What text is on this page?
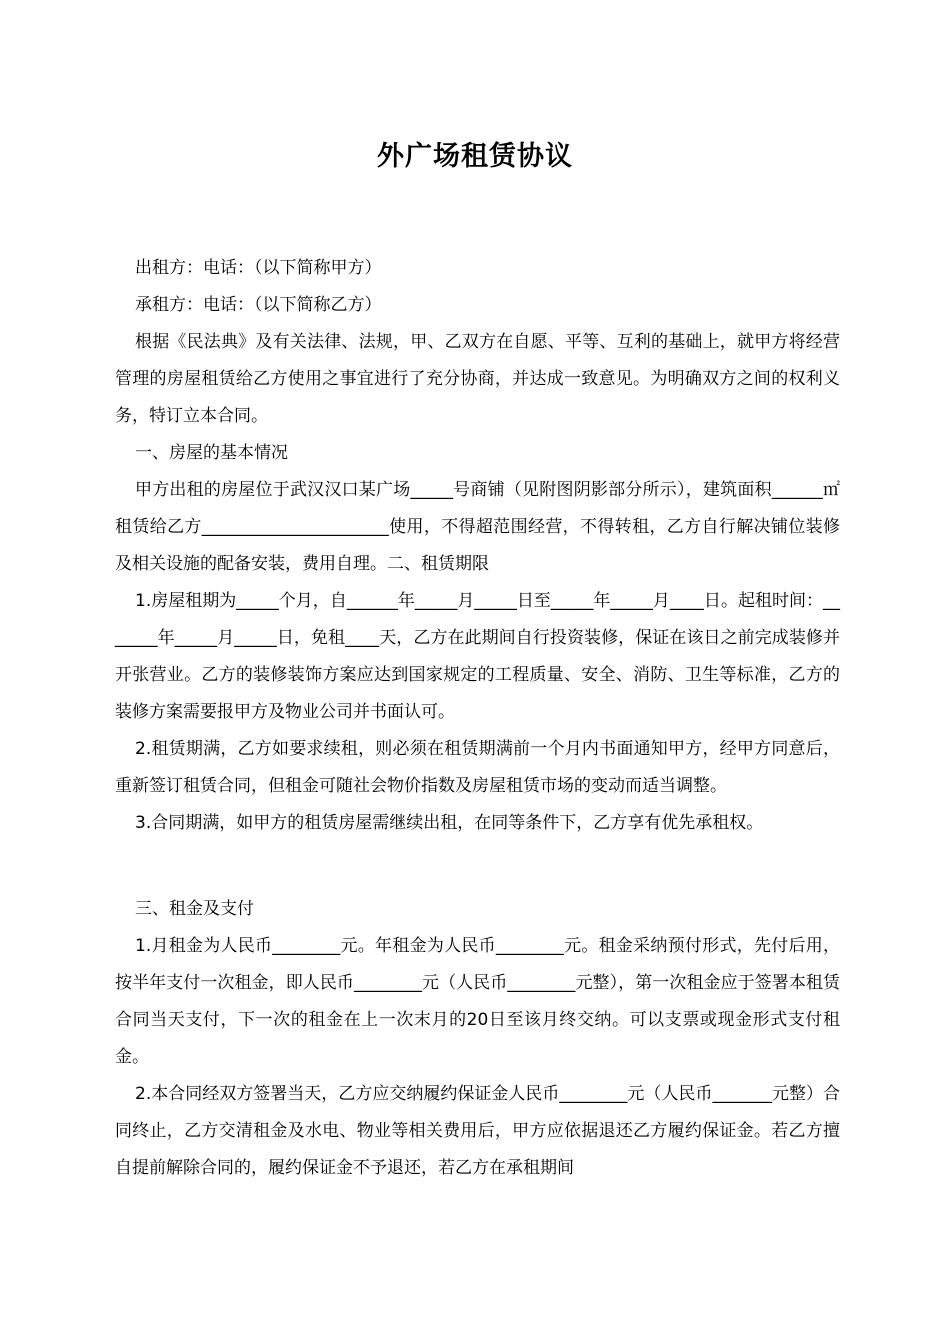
外广场租赁协议

出租方：电话：（以下简称甲方）

承租方：电话：（以下简称乙方）

根据《民法典》及有关法律、法规，甲、乙双方在自愿、平等、互利的基础上，就甲方将经营管理的房屋租赁给乙方使用之事宜进行了充分协商，并达成一致意见。为明确双方之间的权利义务，特订立本合同。

一、房屋的基本情况

甲方出租的房屋位于武汉汉口某广场_____号商铺（见附图阴影部分所示），建筑面积______㎡租赁给乙方______________________使用，不得超范围经营，不得转租，乙方自行解决铺位装修及相关设施的配备安装，费用自理。二、租赁期限

1.房屋租期为_____个月，自______年_____月_____日至_____年_____月____日。起租时间：_______年_____月_____日，免租____天，乙方在此期间自行投资装修，保证在该日之前完成装修并开张营业。乙方的装修装饰方案应达到国家规定的工程质量、安全、消防、卫生等标准，乙方的装修方案需要报甲方及物业公司并书面认可。

2.租赁期满，乙方如要求续租，则必须在租赁期满前一个月内书面通知甲方，经甲方同意后，重新签订租赁合同，但租金可随社会物价指数及房屋租赁市场的变动而适当调整。

3.合同期满，如甲方的租赁房屋需继续出租，在同等条件下，乙方享有优先承租权。

三、租金及支付

1.月租金为人民币________元。年租金为人民币________元。租金采纳预付形式，先付后用，按半年支付一次租金，即人民币________元（人民币________元整），第一次租金应于签署本租赁合同当天支付，下一次的租金在上一次末月的20日至该月终交纳。可以支票或现金形式支付租金。

2.本合同经双方签署当天，乙方应交纳履约保证金人民币________元（人民币_______元整）合同终止，乙方交清租金及水电、物业等相关费用后，甲方应依据退还乙方履约保证金。若乙方擅自提前解除合同的，履约保证金不予退还，若乙方在承租期间
